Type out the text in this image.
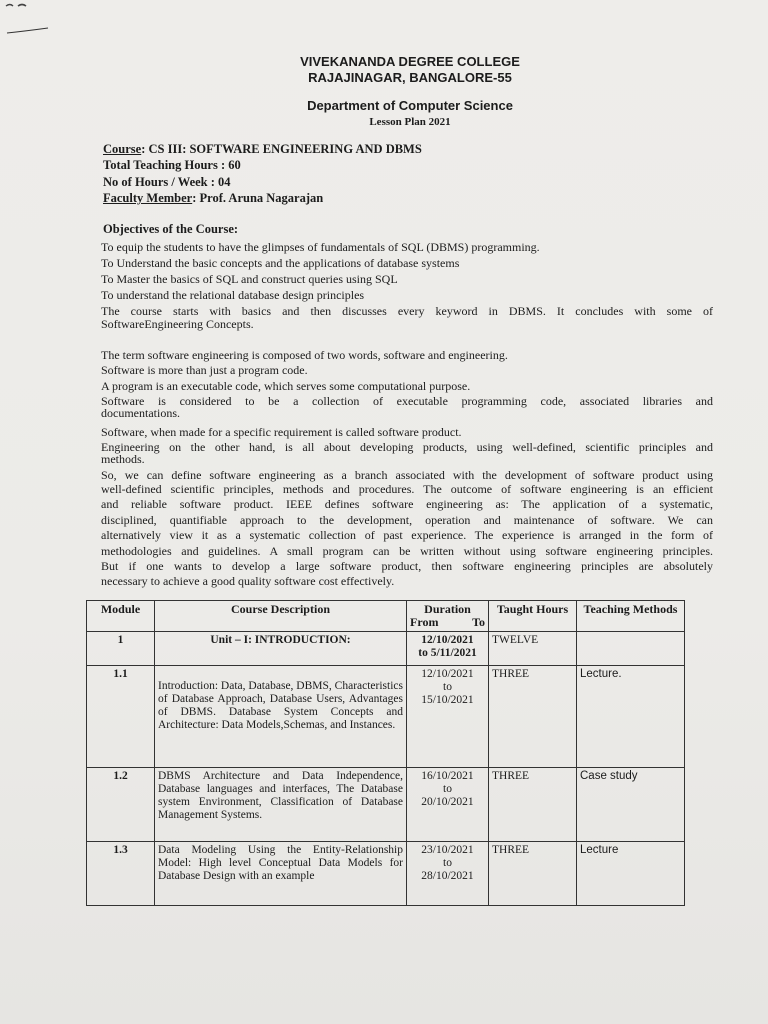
VIVEKANANDA DEGREE COLLEGE
RAJAJINAGAR, BANGALORE-55
Department of Computer Science
Lesson Plan 2021
Course: CS III: SOFTWARE ENGINEERING AND DBMS
Total Teaching Hours : 60
No of Hours / Week : 04
Faculty Member: Prof. Aruna Nagarajan
Objectives of the Course:
To equip the students to have the glimpses of fundamentals of SQL (DBMS) programming.
To Understand the basic concepts and the applications of database systems
To Master the basics of SQL and construct queries using SQL
To understand the relational database design principles
The course starts with basics and then discusses every keyword in DBMS. It concludes with some of
SoftwareEngineering Concepts.
The term software engineering is composed of two words, software and engineering.
Software is more than just a program code.
A program is an executable code, which serves some computational purpose.
Software is considered to be a collection of executable programming code, associated libraries and
documentations.
Software, when made for a specific requirement is called software product.
Engineering on the other hand, is all about developing products, using well-defined, scientific principles and
methods.
So, we can define software engineering as a branch associated with the development of software product using
well-defined scientific principles, methods and procedures. The outcome of software engineering is an efficient
and reliable software product. IEEE defines software engineering as: The application of a systematic,
disciplined, quantifiable approach to the development, operation and maintenance of software. We can
alternatively view it as a systematic collection of past experience. The experience is arranged in the form of
methodologies and guidelines. A small program can be written without using software engineering principles.
But if one wants to develop a large software product, then software engineering principles are absolutely
necessary to achieve a good quality software cost effectively.
Module	Course Description	Duration
From To	Taught Hours	Teaching Methods
1	Unit – I: INTRODUCTION:	12/10/2021
to 5/11/2021	TWELVE	
1.1	Introduction: Data, Database, DBMS, Characteristics of Database Approach, Database Users, Advantages of DBMS. Database System Concepts and Architecture: Data Models,Schemas, and Instances.	12/10/2021
to
15/10/2021	THREE	Lecture.
1.2	DBMS Architecture and Data Independence, Database languages and interfaces, The Database system Environment, Classification of Database Management Systems.	16/10/2021
to
20/10/2021	THREE	Case study
1.3	Data Modeling Using the Entity-Relationship Model: High level Conceptual Data Models for Database Design with an example	23/10/2021
to
28/10/2021	THREE	Lecture
